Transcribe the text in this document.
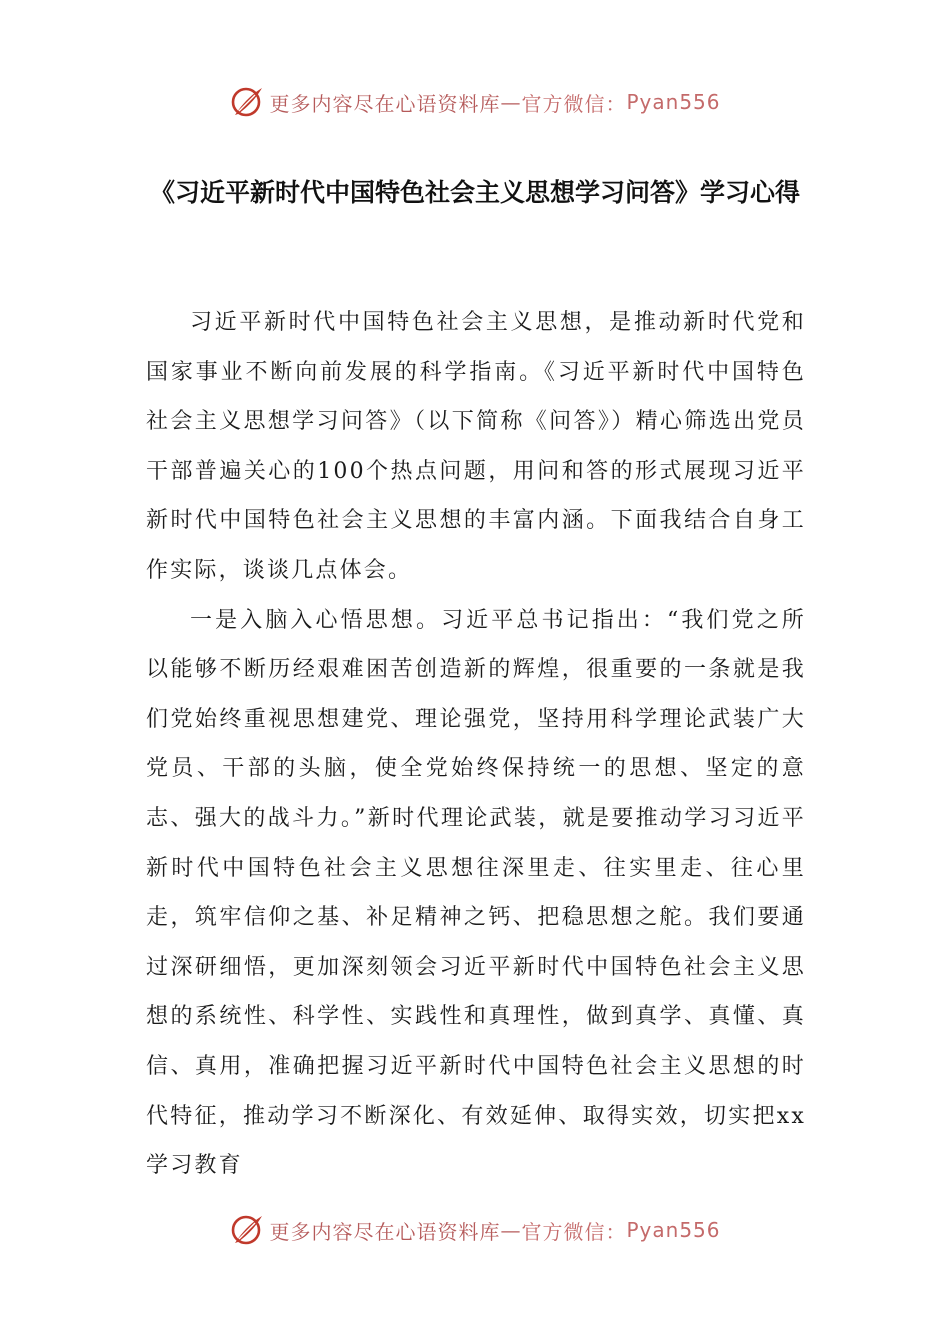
更多内容尽在心语资料库 — 官方微信： Pyan556
《习近平新时代中国特色社会主义思想学习问答》学习心得

习近平新时代中国特色社会主义思想，是推动新时代党和国家事业不断向前发展的科学指南。《习近平新时代中国特色社会主义思想学习问答》（以下简称《问答》）精心筛选出党员干部普遍关心的100个热点问题，用问和答的形式展现习近平新时代中国特色社会主义思想的丰富内涵。下面我结合自身工作实际，谈谈几点体会。

一是入脑入心悟思想。习近平总书记指出：“我们党之所以能够不断历经艰难困苦创造新的辉煌，很重要的一条就是我们党始终重视思想建党、理论强党，坚持用科学理论武装广大党员、干部的头脑，使全党始终保持统一的思想、坚定的意志、强大的战斗力。”新时代理论武装，就是要推动学习习近平新时代中国特色社会主义思想往深里走、往实里走、往心里走，筑牢信仰之基、补足精神之钙、把稳思想之舵。我们要通过深研细悟，更加深刻领会习近平新时代中国特色社会主义思想的系统性、科学性、实践性和真理性，做到真学、真懂、真信、真用，准确把握习近平新时代中国特色社会主义思想的时代特征，推动学习不断深化、有效延伸、取得实效，切实把xx学习教育

更多内容尽在心语资料库 — 官方微信： Pyan556
